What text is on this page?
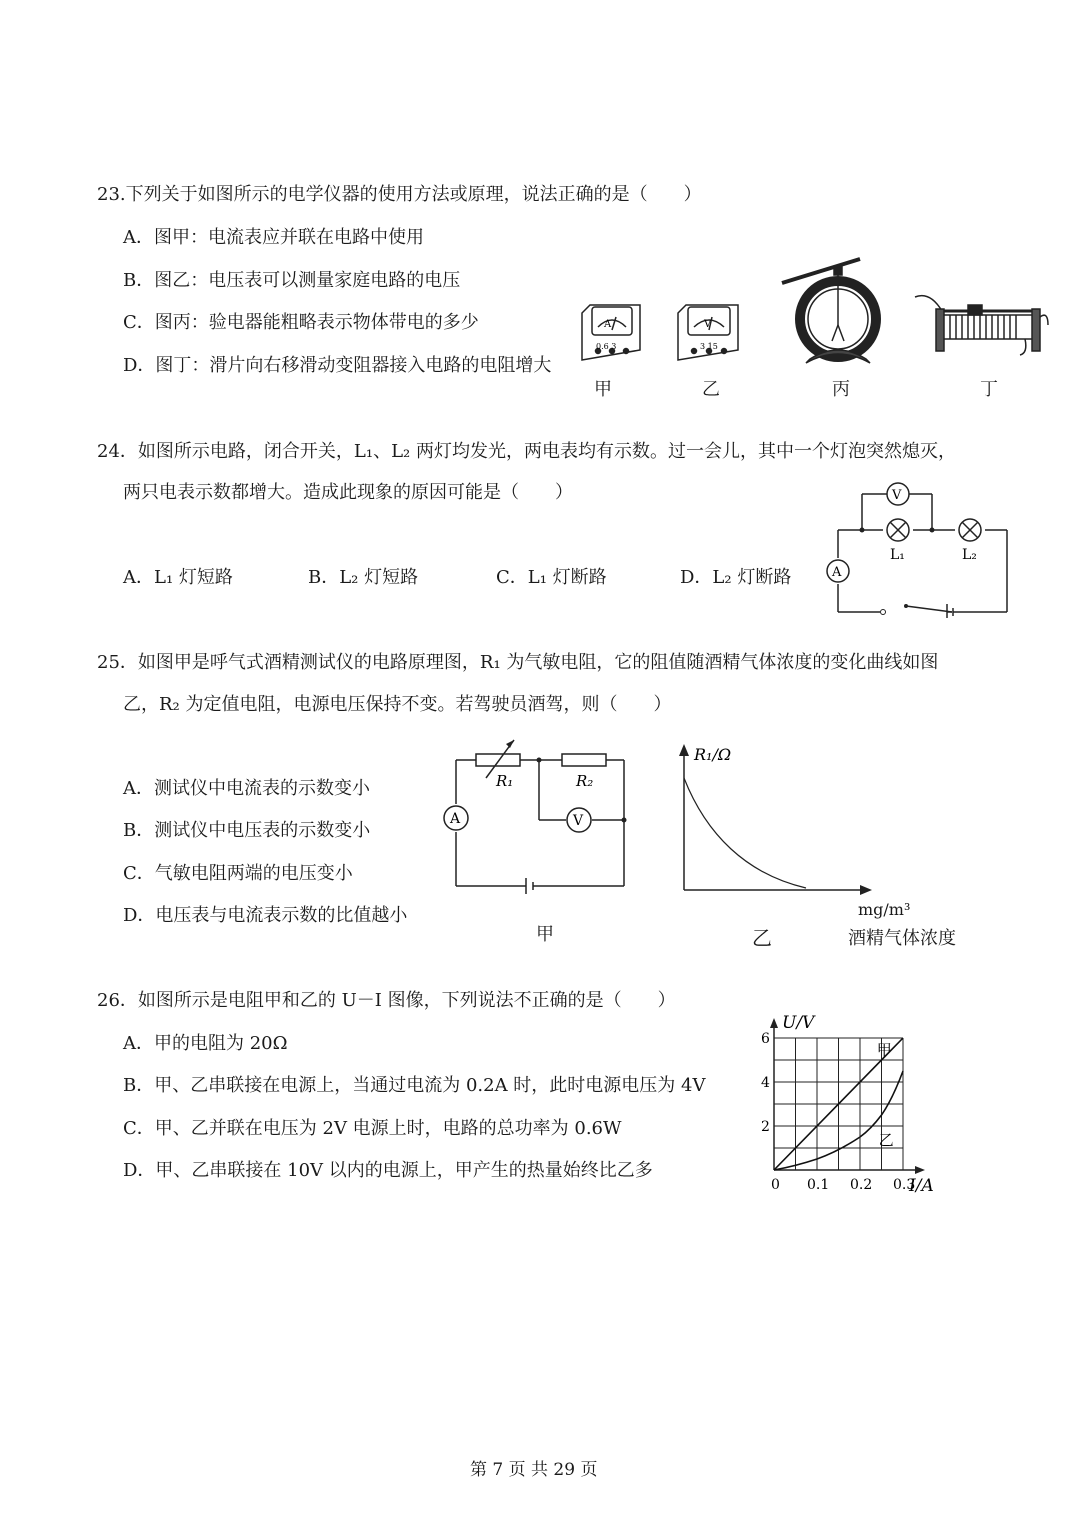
23.下列关于如图所示的电学仪器的使用方法或原理，说法正确的是（　　）
A．图甲：电流表应并联在电路中使用
B．图乙：电压表可以测量家庭电路的电压
C．图丙：验电器能粗略表示物体带电的多少
D．图丁：滑片向右移滑动变阻器接入电路的电阻增大
A
0.6 3
V
3 15
甲	乙	丙	丁
24．如图所示电路，闭合开关，L₁、L₂ 两灯均发光，两电表均有示数。过一会儿，其中一个灯泡突然熄灭，
两只电表示数都增大。造成此现象的原因可能是（　　）
A．L₁ 灯短路	B．L₂ 灯短路	C．L₁ 灯断路	D．L₂ 灯断路
V
A
L₁	L₂
25．如图甲是呼气式酒精测试仪的电路原理图，R₁ 为气敏电阻，它的阻值随酒精气体浓度的变化曲线如图
乙，R₂ 为定值电阻，电源电压保持不变。若驾驶员酒驾，则（　　）
A．测试仪中电流表的示数变小
B．测试仪中电压表的示数变小
C．气敏电阻两端的电压变小
D．电压表与电流表示数的比值越小
A	V
R₁	R₂
甲
R₁/Ω
mg/m³
乙	酒精气体浓度
26．如图所示是电阻甲和乙的 U－I 图像，下列说法不正确的是（　　）
A．甲的电阻为 20Ω
B．甲、乙串联接在电源上，当通过电流为 0.2A 时，此时电源电压为 4V
C．甲、乙并联在电压为 2V 电源上时，电路的总功率为 0.6W
D．甲、乙串联接在 10V 以内的电源上，甲产生的热量始终比乙多
甲
乙
0 0.1 0.2 0.3
2
4
6
U/V
I/A
第 7 页 共 29 页
